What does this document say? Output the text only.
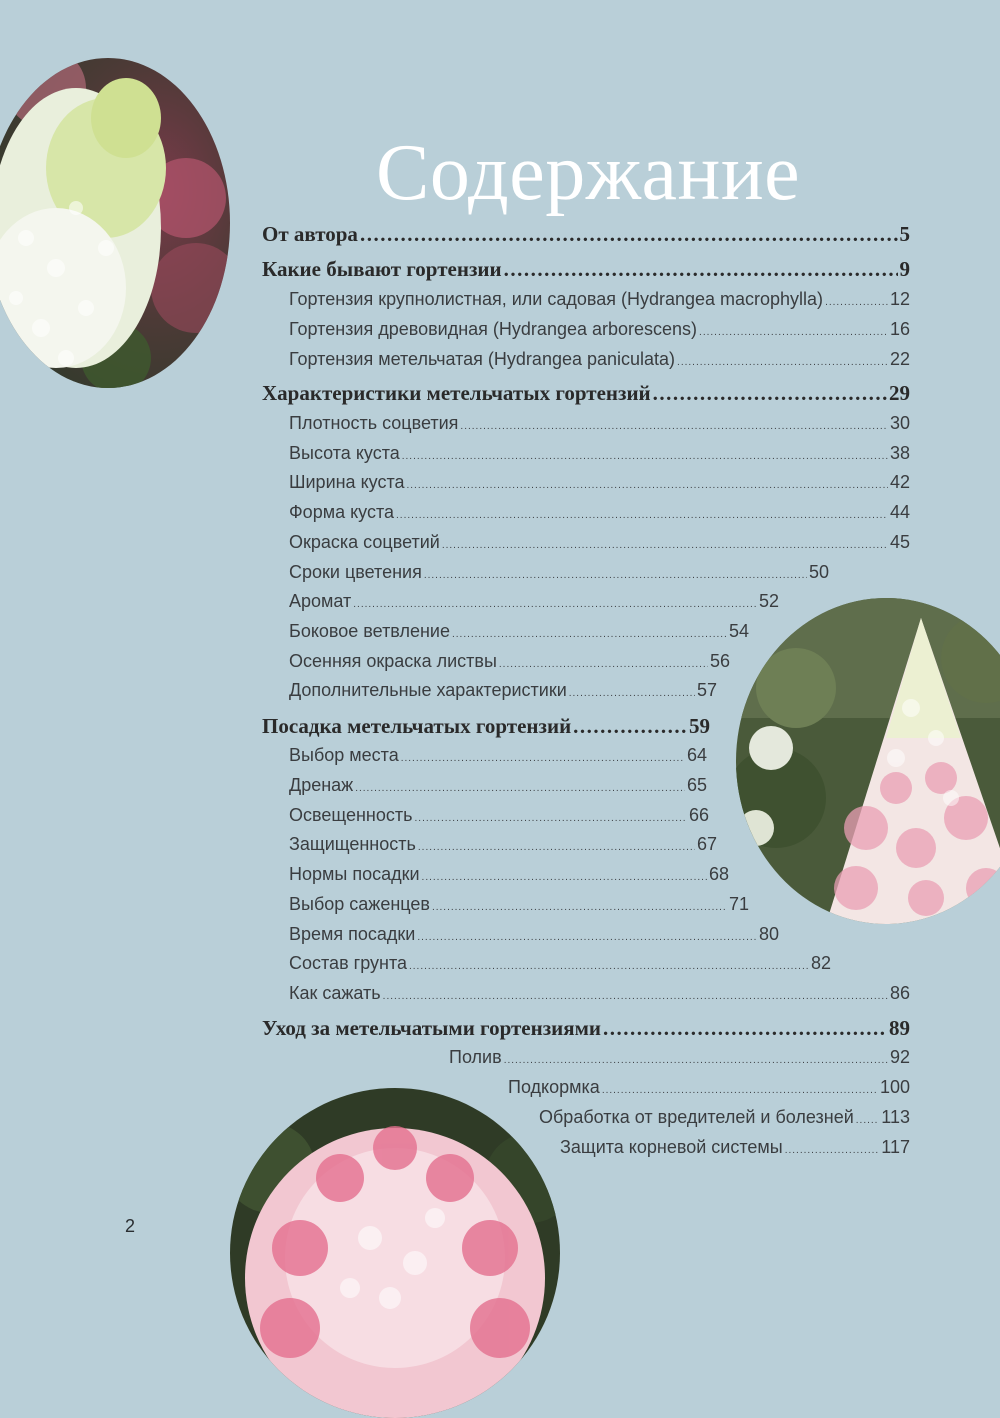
Содержание
От автора .....	5
Какие бывают гортензии .....	9
Гортензия крупнолистная, или садовая (Hydrangea macrophylla) .....	12
Гортензия древовидная (Hydrangea arborescens) .....	16
Гортензия метельчатая (Hydrangea paniculata) .....	22
Характеристики метельчатых гортензий .....	29
Плотность соцветия .....	30
Высота куста .....	38
Ширина куста .....	42
Форма куста .....	44
Окраска соцветий .....	45
Сроки цветения .....	50
Аромат .....	52
Боковое ветвление .....	54
Осенняя окраска листвы .....	56
Дополнительные характеристики .....	57
Посадка метельчатых гортензий .....	59
Выбор места .....	64
Дренаж .....	65
Освещенность .....	66
Защищенность .....	67
Нормы посадки .....	68
Выбор саженцев .....	71
Время посадки .....	80
Состав грунта .....	82
Как сажать .....	86
Уход за метельчатыми гортензиями .....	89
Полив .....	92
Подкормка .....	100
Обработка от вредителей и болезней ..... 113
Защита корневой системы .....	117
2
